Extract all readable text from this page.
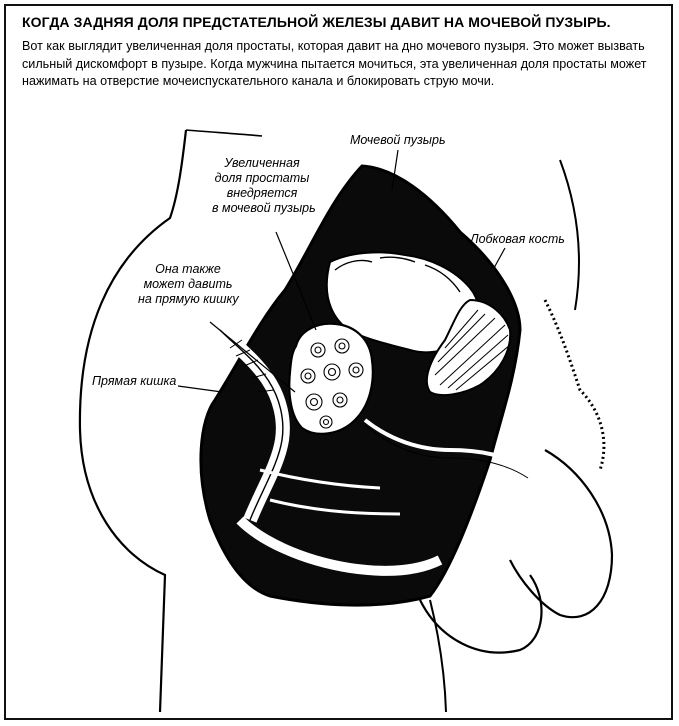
КОГДА ЗАДНЯЯ ДОЛЯ ПРЕДСТАТЕЛЬНОЙ ЖЕЛЕЗЫ ДАВИТ НА МОЧЕВОЙ ПУЗЫРЬ.
Вот как выглядит увеличенная доля простаты, которая давит на дно мочевого пузыря. Это может вызвать сильный дискомфорт в пузыре. Когда мужчина пытается мочиться, эта увеличенная доля простаты может нажимать на отверстие мочеиспускательного канала и блокировать струю мочи.
Мочевой пузырь
Увеличенная
доля простаты
внедряется
в мочевой пузырь
Она также
может давить
на прямую кишку
Лобковая кость
Прямая кишка
